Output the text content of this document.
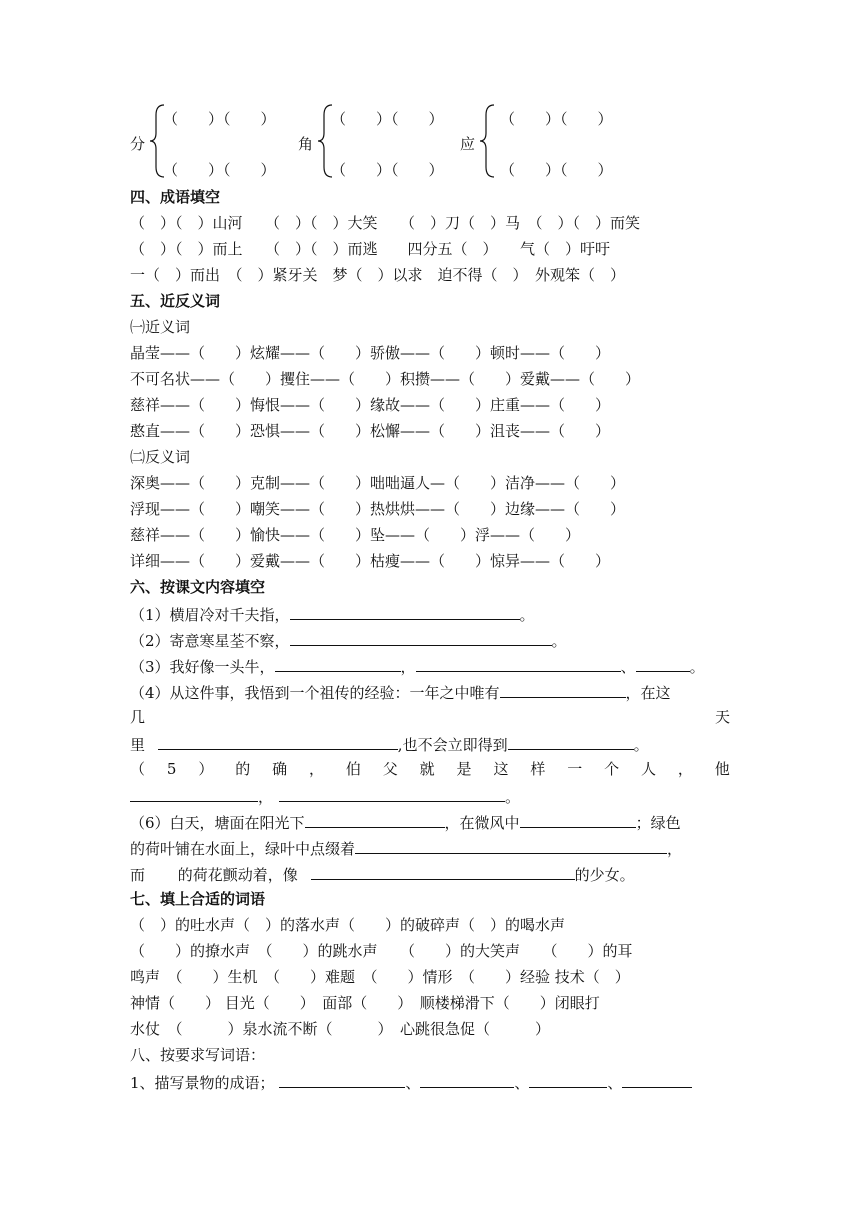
分
（　　）（　　）
（　　）（　　）
角
（　　）（　　）
（　　）（　　）
应
（　　）（　　）
（　　）（　　）
四、成语填空
（　）（　）山河　　（　）（　）大笑　　（　）刀（　）马　（　）（　）而笑
（　）（　）而上　　（　）（　）而逃　　四分五（　）　　气（　）吁吁
一（　）而出　（　）紧牙关　梦（　）以求　迫不得（　）　外观笨（　）
五、近反义词
㈠近义词
晶莹——（　　）炫耀——（　　）骄傲——（　　）顿时——（　　）
不可名状——（　　）攫住——（　　）积攒——（　　）爱戴——（　　）
慈祥——（　　）悔恨——（　　）缘故——（　　）庄重——（　　）
憨直——（　　）恐惧——（　　）松懈——（　　）沮丧——（　　）
㈡反义词
深奥——（　　）克制——（　　）咄咄逼人—（　　）洁净——（　　）
浮现——（　　）嘲笑——（　　）热烘烘——（　　）边缘——（　　）
慈祥——（　　）愉快——（　　）坠——（　　）浮——（　　）
详细——（　　）爱戴——（　　）枯瘦——（　　）惊异——（　　）
六、按课文内容填空
（1）横眉冷对千夫指，	。
（2）寄意寒星荃不察，	。
（3）我好像一头牛，	，	、	。
（4）从这件事，我悟到一个祖传的经验：一年之中唯有	，在这
几	天
里	,也不会立即得到	。
（ 5 ） 的 确 ， 伯 父 就 是 这 样 一 个 人 ， 他
，	。
（6）白天，塘面在阳光下	，在微风中	；绿色
的荷叶铺在水面上，绿叶中点缀着	，
而 的荷花颤动着，像	的少女。
七、填上合适的词语
（　）的吐水声（　）的落水声（　　）的破碎声（　）的喝水声
（　　）的撩水声　（　　）的跳水声　　（　　）的大笑声　　（　　）的耳
鸣声　（　　）生机　（　　）难题　（　　）情形　（　　）经验 技术（　）
神情（　　） 目光（　　）　面部（　　）　顺楼梯滑下（　　）闭眼打
水仗　（　　　）泉水流不断（　　　）　心跳很急促（　　　）
八、按要求写词语：
1、描写景物的成语；	、	、	、
